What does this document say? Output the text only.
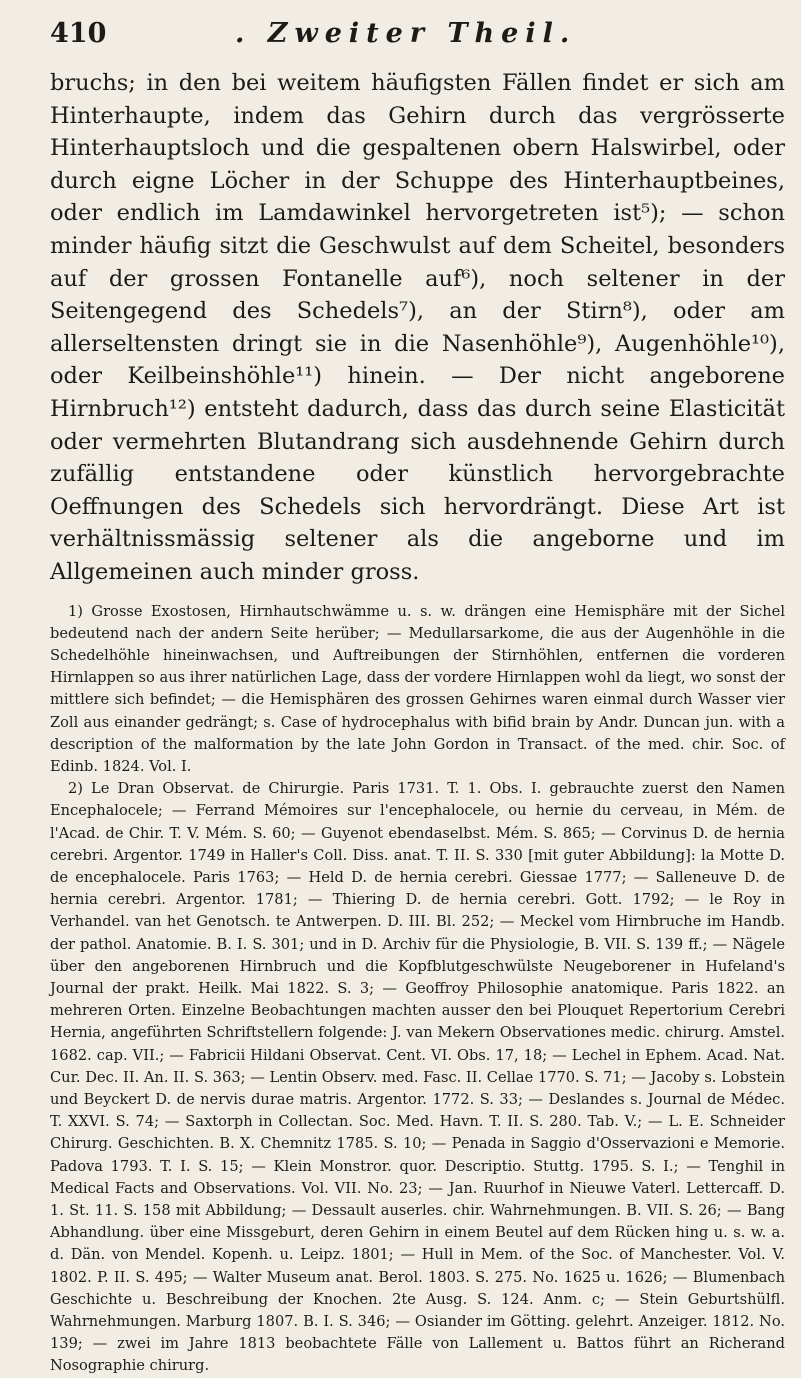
410	. Zweiter Theil.

bruchs; in den bei weitem häufigsten Fällen findet er sich am Hinterhaupte, indem das Gehirn durch das vergrösserte Hinterhauptsloch und die gespaltenen obern Halswirbel, oder durch eigne Löcher in der Schuppe des Hinterhauptbeines, oder endlich im Lamdawinkel hervorgetreten ist⁵); — schon minder häufig sitzt die Geschwulst auf dem Scheitel, besonders auf der grossen Fontanelle auf⁶), noch seltener in der Seitengegend des Schedels⁷), an der Stirn⁸), oder am allerseltensten dringt sie in die Nasenhöhle⁹), Augenhöhle¹⁰), oder Keilbeinshöhle¹¹) hinein. — Der nicht angeborene Hirnbruch¹²) entsteht dadurch, dass das durch seine Elasticität oder vermehrten Blutandrang sich ausdehnende Gehirn durch zufällig entstandene oder künstlich hervorgebrachte Oeffnungen des Schedels sich hervordrängt. Diese Art ist verhältnissmässig seltener als die angeborne und im Allgemeinen auch minder gross.

1) Grosse Exostosen, Hirnhautschwämme u. s. w. drängen eine Hemisphäre mit der Sichel bedeutend nach der andern Seite herüber; — Medullarsarkome, die aus der Augenhöhle in die Schedelhöhle hineinwachsen, und Auftreibungen der Stirnhöhlen, entfernen die vorderen Hirnlappen so aus ihrer natürlichen Lage, dass der vordere Hirnlappen wohl da liegt, wo sonst der mittlere sich befindet; — die Hemisphären des grossen Gehirnes waren einmal durch Wasser vier Zoll aus einander gedrängt; s. Case of hydrocephalus with bifid brain by Andr. Duncan jun. with a description of the malformation by the late John Gordon in Transact. of the med. chir. Soc. of Edinb. 1824. Vol. I.

2) Le Dran Observat. de Chirurgie. Paris 1731. T. 1. Obs. I. gebrauchte zuerst den Namen Encephalocele; — Ferrand Mémoires sur l'encephalocele, ou hernie du cerveau, in Mém. de l'Acad. de Chir. T. V. Mém. S. 60; — Guyenot ebendaselbst. Mém. S. 865; — Corvinus D. de hernia cerebri. Argentor. 1749 in Haller's Coll. Diss. anat. T. II. S. 330 [mit guter Abbildung]: la Motte D. de encephalocele. Paris 1763; — Held D. de hernia cerebri. Giessae 1777; — Salleneuve D. de hernia cerebri. Argentor. 1781; — Thiering D. de hernia cerebri. Gott. 1792; — le Roy in Verhandel. van het Genotsch. te Antwerpen. D. III. Bl. 252; — Meckel vom Hirnbruche im Handb. der pathol. Anatomie. B. I. S. 301; und in D. Archiv für die Physiologie, B. VII. S. 139 ff.; — Nägele über den angeborenen Hirnbruch und die Kopfblutgeschwülste Neugeborener in Hufeland's Journal der prakt. Heilk. Mai 1822. S. 3; — Geoffroy Philosophie anatomique. Paris 1822. an mehreren Orten. Einzelne Beobachtungen machten ausser den bei Plouquet Repertorium Cerebri Hernia, angeführten Schriftstellern folgende: J. van Mekern Observationes medic. chirurg. Amstel. 1682. cap. VII.; — Fabricii Hildani Observat. Cent. VI. Obs. 17, 18; — Lechel in Ephem. Acad. Nat. Cur. Dec. II. An. II. S. 363; — Lentin Observ. med. Fasc. II. Cellae 1770. S. 71; — Jacoby s. Lobstein und Beyckert D. de nervis durae matris. Argentor. 1772. S. 33; — Deslandes s. Journal de Médec. T. XXVI. S. 74; — Saxtorph in Collectan. Soc. Med. Havn. T. II. S. 280. Tab. V.; — L. E. Schneider Chirurg. Geschichten. B. X. Chemnitz 1785. S. 10; — Penada in Saggio d'Osservazioni e Memorie. Padova 1793. T. I. S. 15; — Klein Monstror. quor. Descriptio. Stuttg. 1795. S. I.; — Tenghil in Medical Facts and Observations. Vol. VII. No. 23; — Jan. Ruurhof in Nieuwe Vaterl. Lettercaff. D. 1. St. 11. S. 158 mit Abbildung; — Dessault auserles. chir. Wahrnehmungen. B. VII. S. 26; — Bang Abhandlung. über eine Missgeburt, deren Gehirn in einem Beutel auf dem Rücken hing u. s. w. a. d. Dän. von Mendel. Kopenh. u. Leipz. 1801; — Hull in Mem. of the Soc. of Manchester. Vol. V. 1802. P. II. S. 495; — Walter Museum anat. Berol. 1803. S. 275. No. 1625 u. 1626; — Blumenbach Geschichte u. Beschreibung der Knochen. 2te Ausg. S. 124. Anm. c; — Stein Geburtshülfl. Wahrnehmungen. Marburg 1807. B. I. S. 346; — Osiander im Götting. gelehrt. Anzeiger. 1812. No. 139; — zwei im Jahre 1813 beobachtete Fälle von Lallement u. Battos führt an Richerand Nosographie chirurg.
